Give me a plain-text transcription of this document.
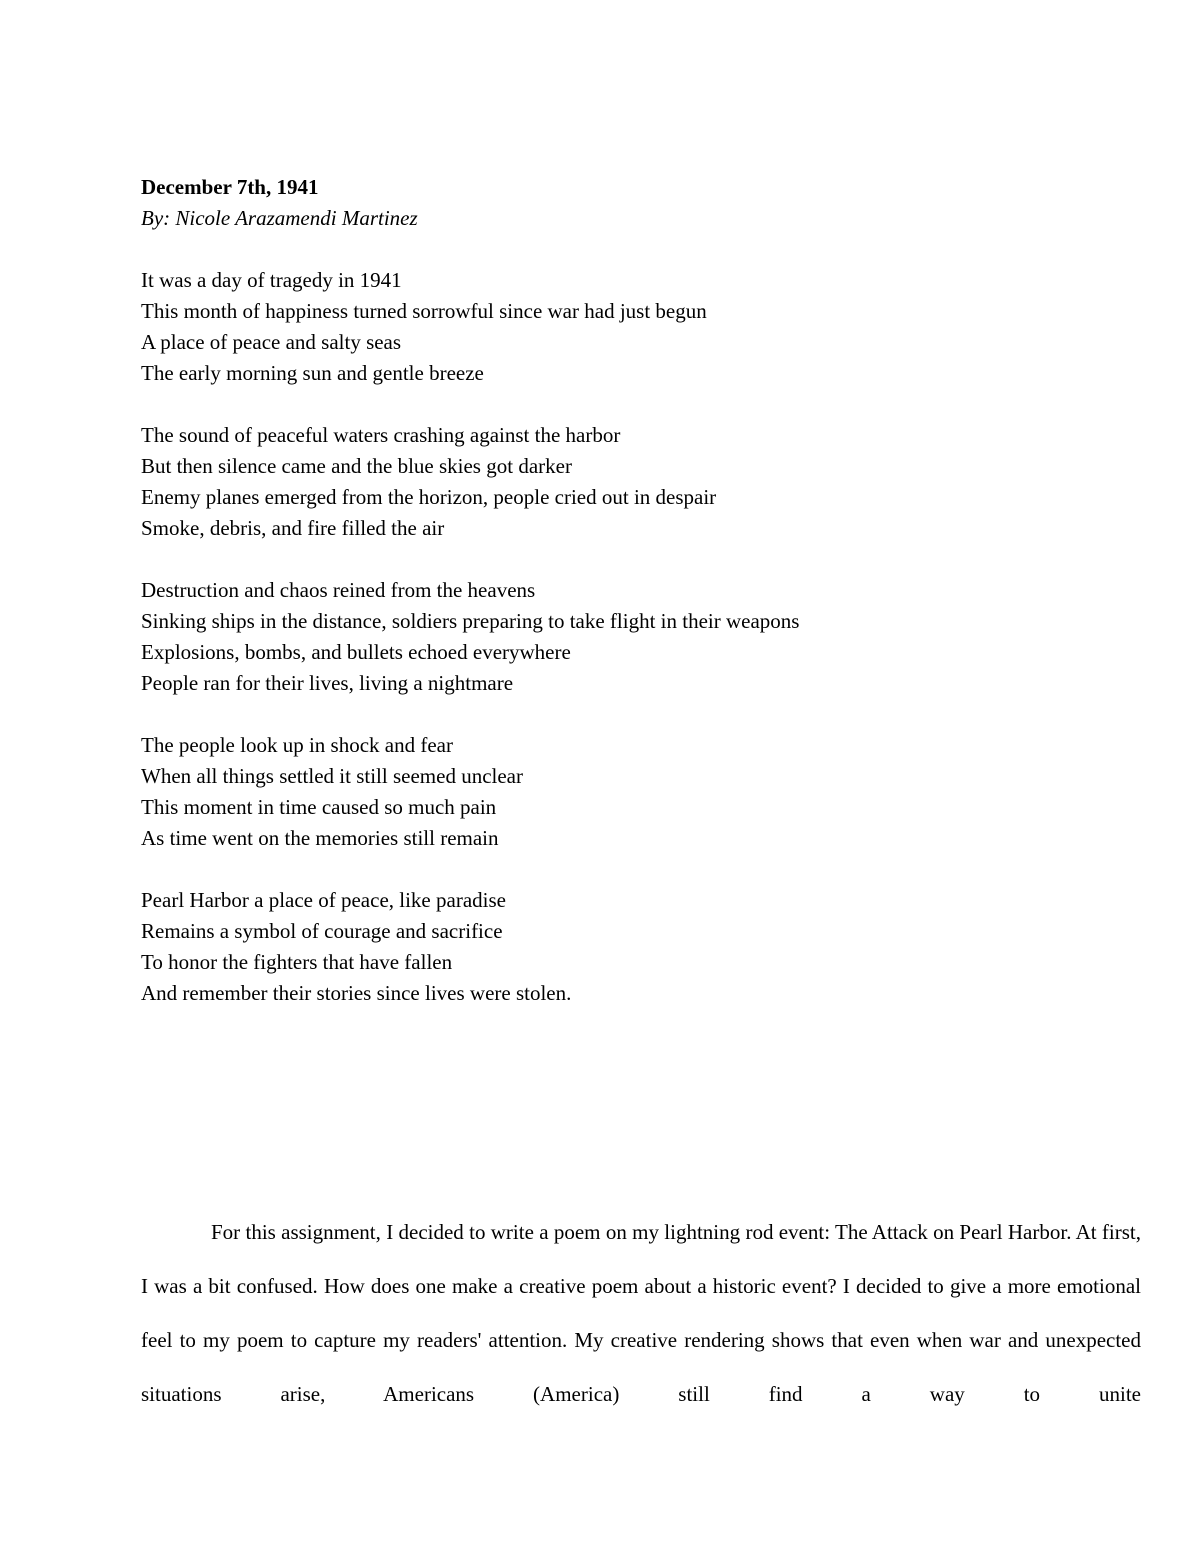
December 7th, 1941
By: Nicole Arazamendi Martinez
It was a day of tragedy in 1941
This month of happiness turned sorrowful since war had just begun
A place of peace and salty seas
The early morning sun and gentle breeze
The sound of peaceful waters crashing against the harbor
But then silence came and the blue skies got darker
Enemy planes emerged from the horizon, people cried out in despair
Smoke, debris, and fire filled the air
Destruction and chaos reined from the heavens
Sinking ships in the distance, soldiers preparing to take flight in their weapons
Explosions, bombs, and bullets echoed everywhere
People ran for their lives, living a nightmare
The people look up in shock and fear
When all things settled it still seemed unclear
This moment in time caused so much pain
As time went on the memories still remain
Pearl Harbor a place of peace, like paradise
Remains a symbol of courage and sacrifice
To honor the fighters that have fallen
And remember their stories since lives were stolen.
For this assignment, I decided to write a poem on my lightning rod event: The Attack on Pearl Harbor. At first, I was a bit confused. How does one make a creative poem about a historic event? I decided to give a more emotional feel to my poem to capture my readers' attention. My creative rendering shows that even when war and unexpected situations arise, Americans (America) still find a way to unite
